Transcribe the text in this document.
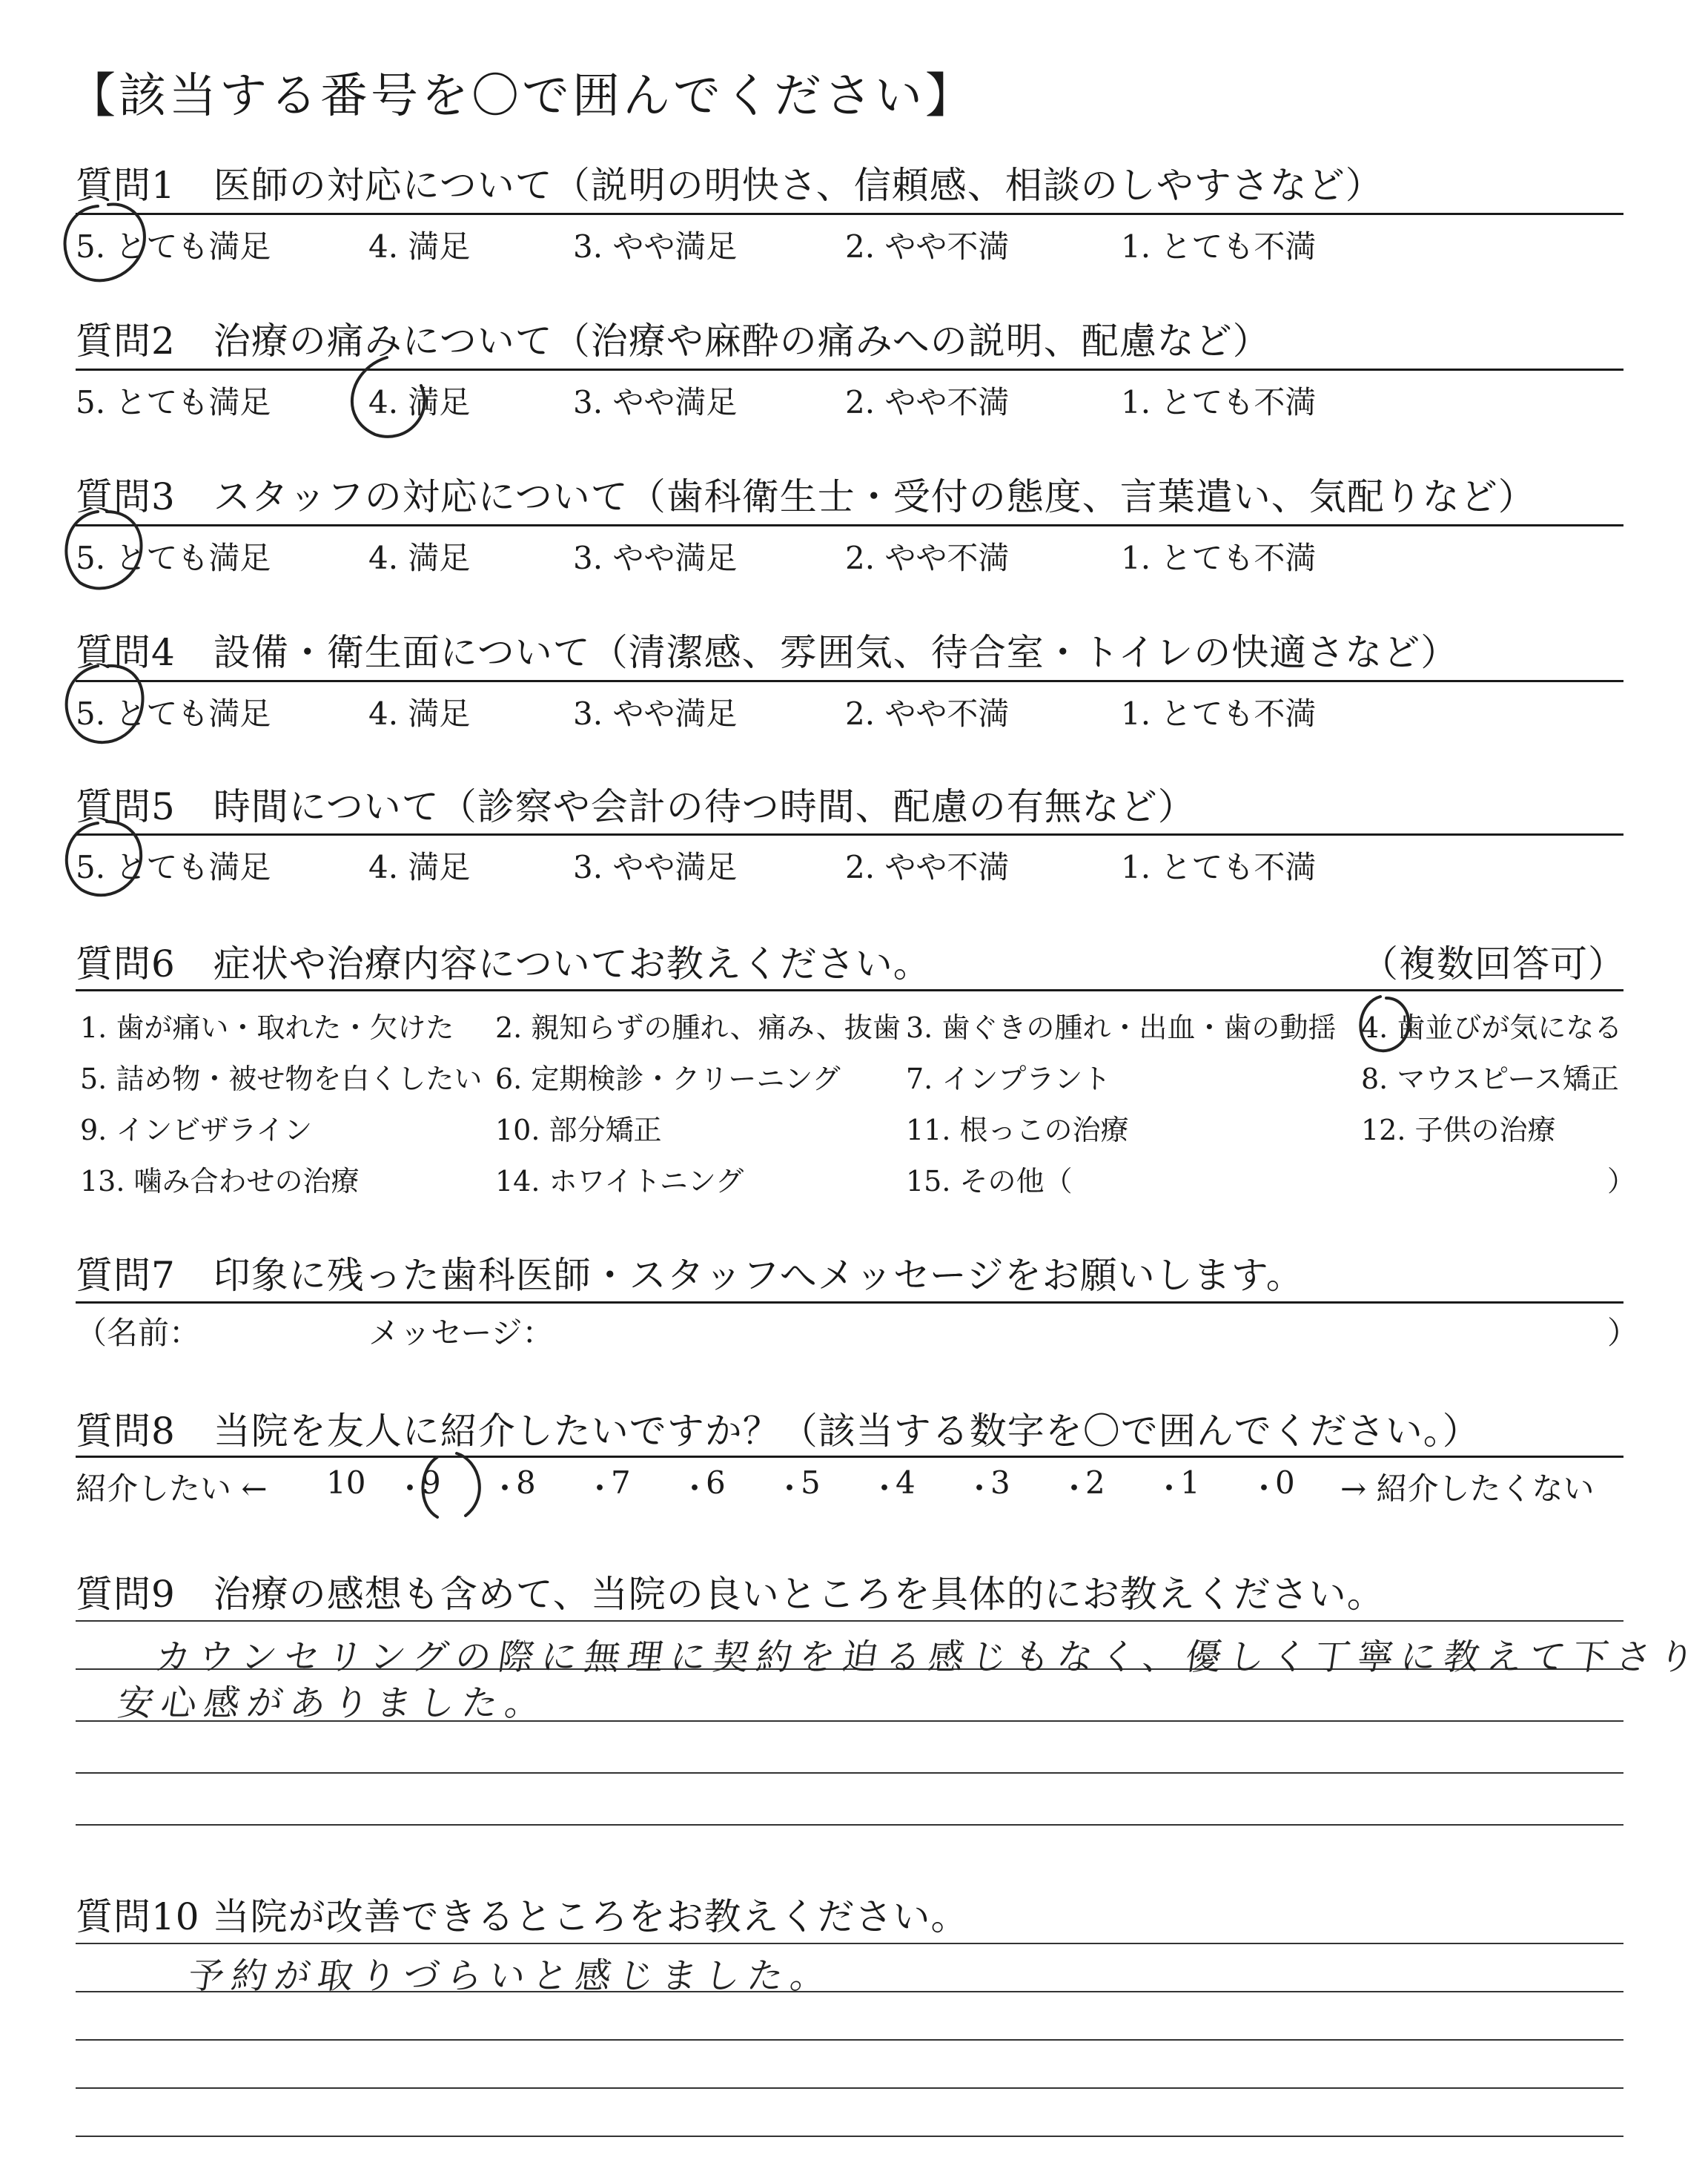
【該当する番号を〇で囲んでください】
質問1　医師の対応について（説明の明快さ、信頼感、相談のしやすさなど）
5. とても満足	4. 満足	3. やや満足	2. やや不満	1. とても不満
質問2　治療の痛みについて（治療や麻酔の痛みへの説明、配慮など）
5. とても満足	4. 満足	3. やや満足	2. やや不満	1. とても不満
質問3　スタッフの対応について（歯科衛生士・受付の態度、言葉遣い、気配りなど）
5. とても満足	4. 満足	3. やや満足	2. やや不満	1. とても不満
質問4　設備・衛生面について（清潔感、雰囲気、待合室・トイレの快適さなど）
5. とても満足	4. 満足	3. やや満足	2. やや不満	1. とても不満
質問5　時間について（診察や会計の待つ時間、配慮の有無など）
5. とても満足	4. 満足	3. やや満足	2. やや不満	1. とても不満
質問6　症状や治療内容についてお教えください。	（複数回答可）
1. 歯が痛い・取れた・欠けた 2. 親知らずの腫れ、痛み、抜歯 3. 歯ぐきの腫れ・出血・歯の動揺 4. 歯並びが気になる
5. 詰め物・被せ物を白くしたい 6. 定期検診・クリーニング 7. インプラント	8. マウスピース矯正
9. インビザライン	10. 部分矯正	11. 根っこの治療	12. 子供の治療
13. 噛み合わせの治療	14. ホワイトニング	15. その他（	）
質問7　印象に残った歯科医師・スタッフへメッセージをお願いします。
（名前：	メッセージ：	）
質問8　当院を友人に紹介したいですか？（該当する数字を〇で囲んでください。）
紹介したい ← 10 ・
9 ・
8 ・
7 ・
6 ・
5 ・
4 ・
3 ・
2 ・
1 ・
0 → 紹介したくない
質問9　治療の感想も含めて、当院の良いところを具体的にお教えください。
カウンセリングの際に無理に契約を迫る感じもなく、優しく丁寧に教えて下さり
安心感がありました。
質問10 当院が改善できるところをお教えください。
予約が取りづらいと感じました。
